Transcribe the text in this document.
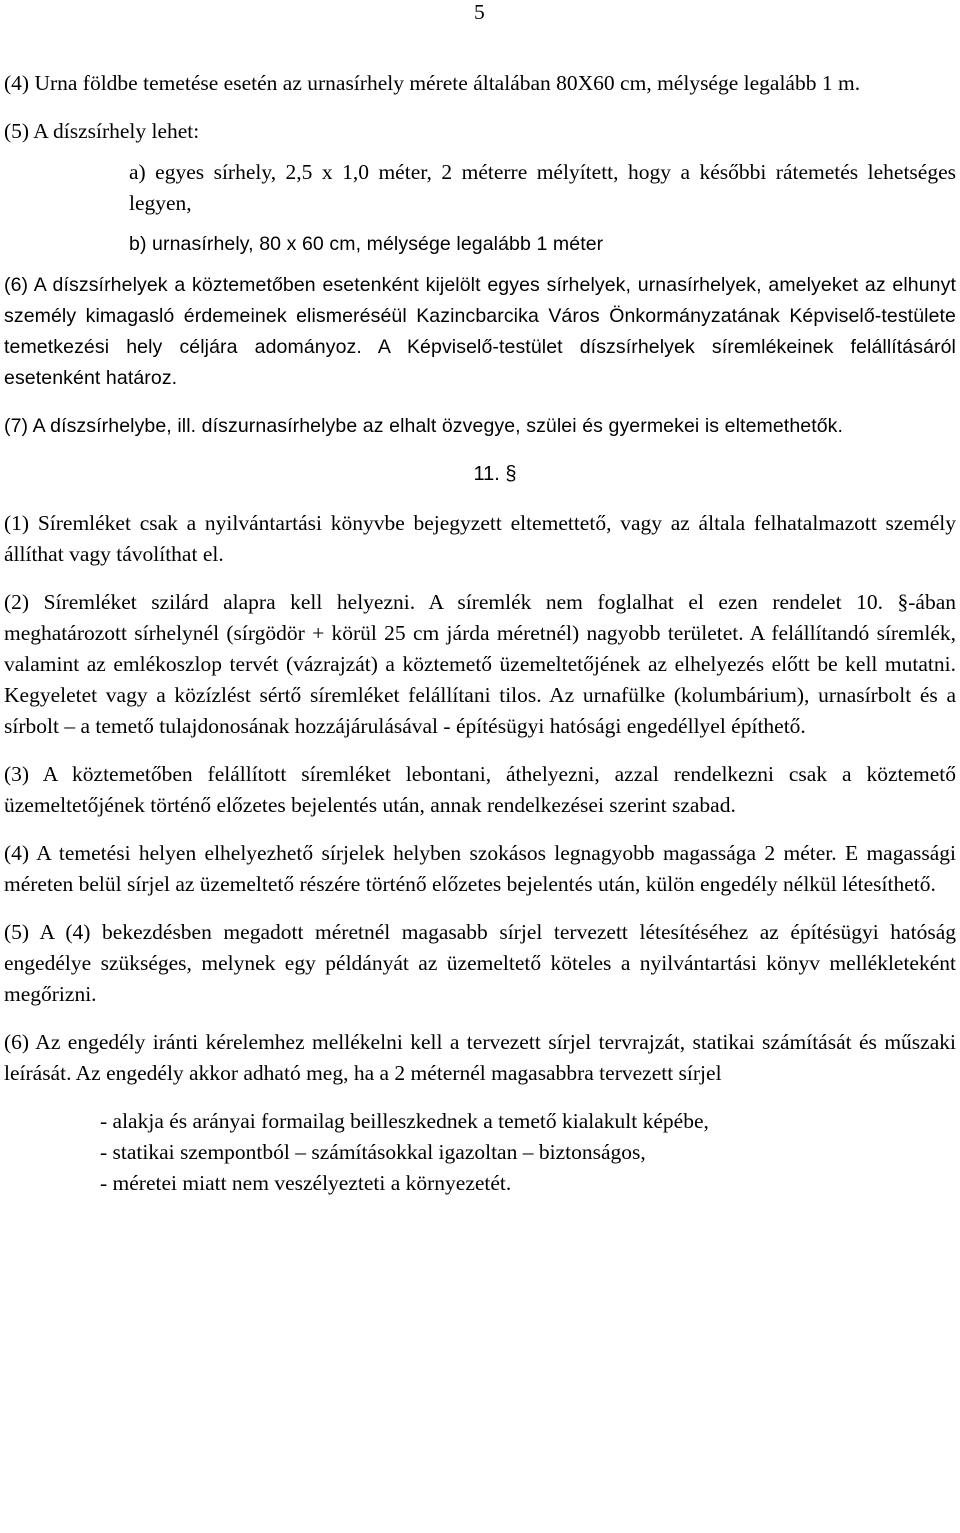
5

(4) Urna földbe temetése esetén az urnasírhely mérete általában 80X60 cm, mélysége legalább 1 m.

(5) A díszsírhely lehet:

a) egyes sírhely, 2,5 x 1,0 méter, 2 méterre mélyített, hogy a későbbi rátemetés lehetséges legyen,

b) urnasírhely, 80 x 60 cm, mélysége legalább 1 méter

(6) A díszsírhelyek a köztemetőben esetenként kijelölt egyes sírhelyek, urnasírhelyek, amelyeket az elhunyt személy kimagasló érdemeinek elismeréséül Kazincbarcika Város Önkormányzatának Képviselő-testülete temetkezési hely céljára adományoz. A Képviselő-testület díszsírhelyek síremlékeinek felállításáról esetenként határoz.

(7) A díszsírhelybe, ill. díszurnasírhelybe az elhalt özvegye, szülei és gyermekei is eltemethetők.

11. §

(1) Síremléket csak a nyilvántartási könyvbe bejegyzett eltemettető, vagy az általa felhatalmazott személy állíthat vagy távolíthat el.

(2) Síremléket szilárd alapra kell helyezni. A síremlék nem foglalhat el ezen rendelet 10. §-ában meghatározott sírhelynél (sírgödör + körül 25 cm járda méretnél) nagyobb területet. A felállítandó síremlék, valamint az emlékoszlop tervét (vázrajzát) a köztemető üzemeltetőjének az elhelyezés előtt be kell mutatni. Kegyeletet vagy a közízlést sértő síremléket felállítani tilos. Az urnafülke (kolumbárium), urnasírbolt és a sírbolt – a temető tulajdonosának hozzájárulásával - építésügyi hatósági engedéllyel építhető.

(3) A köztemetőben felállított síremléket lebontani, áthelyezni, azzal rendelkezni csak a köztemető üzemeltetőjének történő előzetes bejelentés után, annak rendelkezései szerint szabad.

(4) A temetési helyen elhelyezhető sírjelek helyben szokásos legnagyobb magassága 2 méter. E magassági méreten belül sírjel az üzemeltető részére történő előzetes bejelentés után, külön engedély nélkül létesíthető.

(5) A (4) bekezdésben megadott méretnél magasabb sírjel tervezett létesítéséhez az építésügyi hatóság engedélye szükséges, melynek egy példányát az üzemeltető köteles a nyilvántartási könyv mellékleteként megőrizni.

(6) Az engedély iránti kérelemhez mellékelni kell a tervezett sírjel tervrajzát, statikai számítását és műszaki leírását. Az engedély akkor adható meg, ha a 2 méternél magasabbra tervezett sírjel

- alakja és arányai formailag beilleszkednek a temető kialakult képébe,

- statikai szempontból – számításokkal igazoltan – biztonságos,

- méretei miatt nem veszélyezteti a környezetét.
